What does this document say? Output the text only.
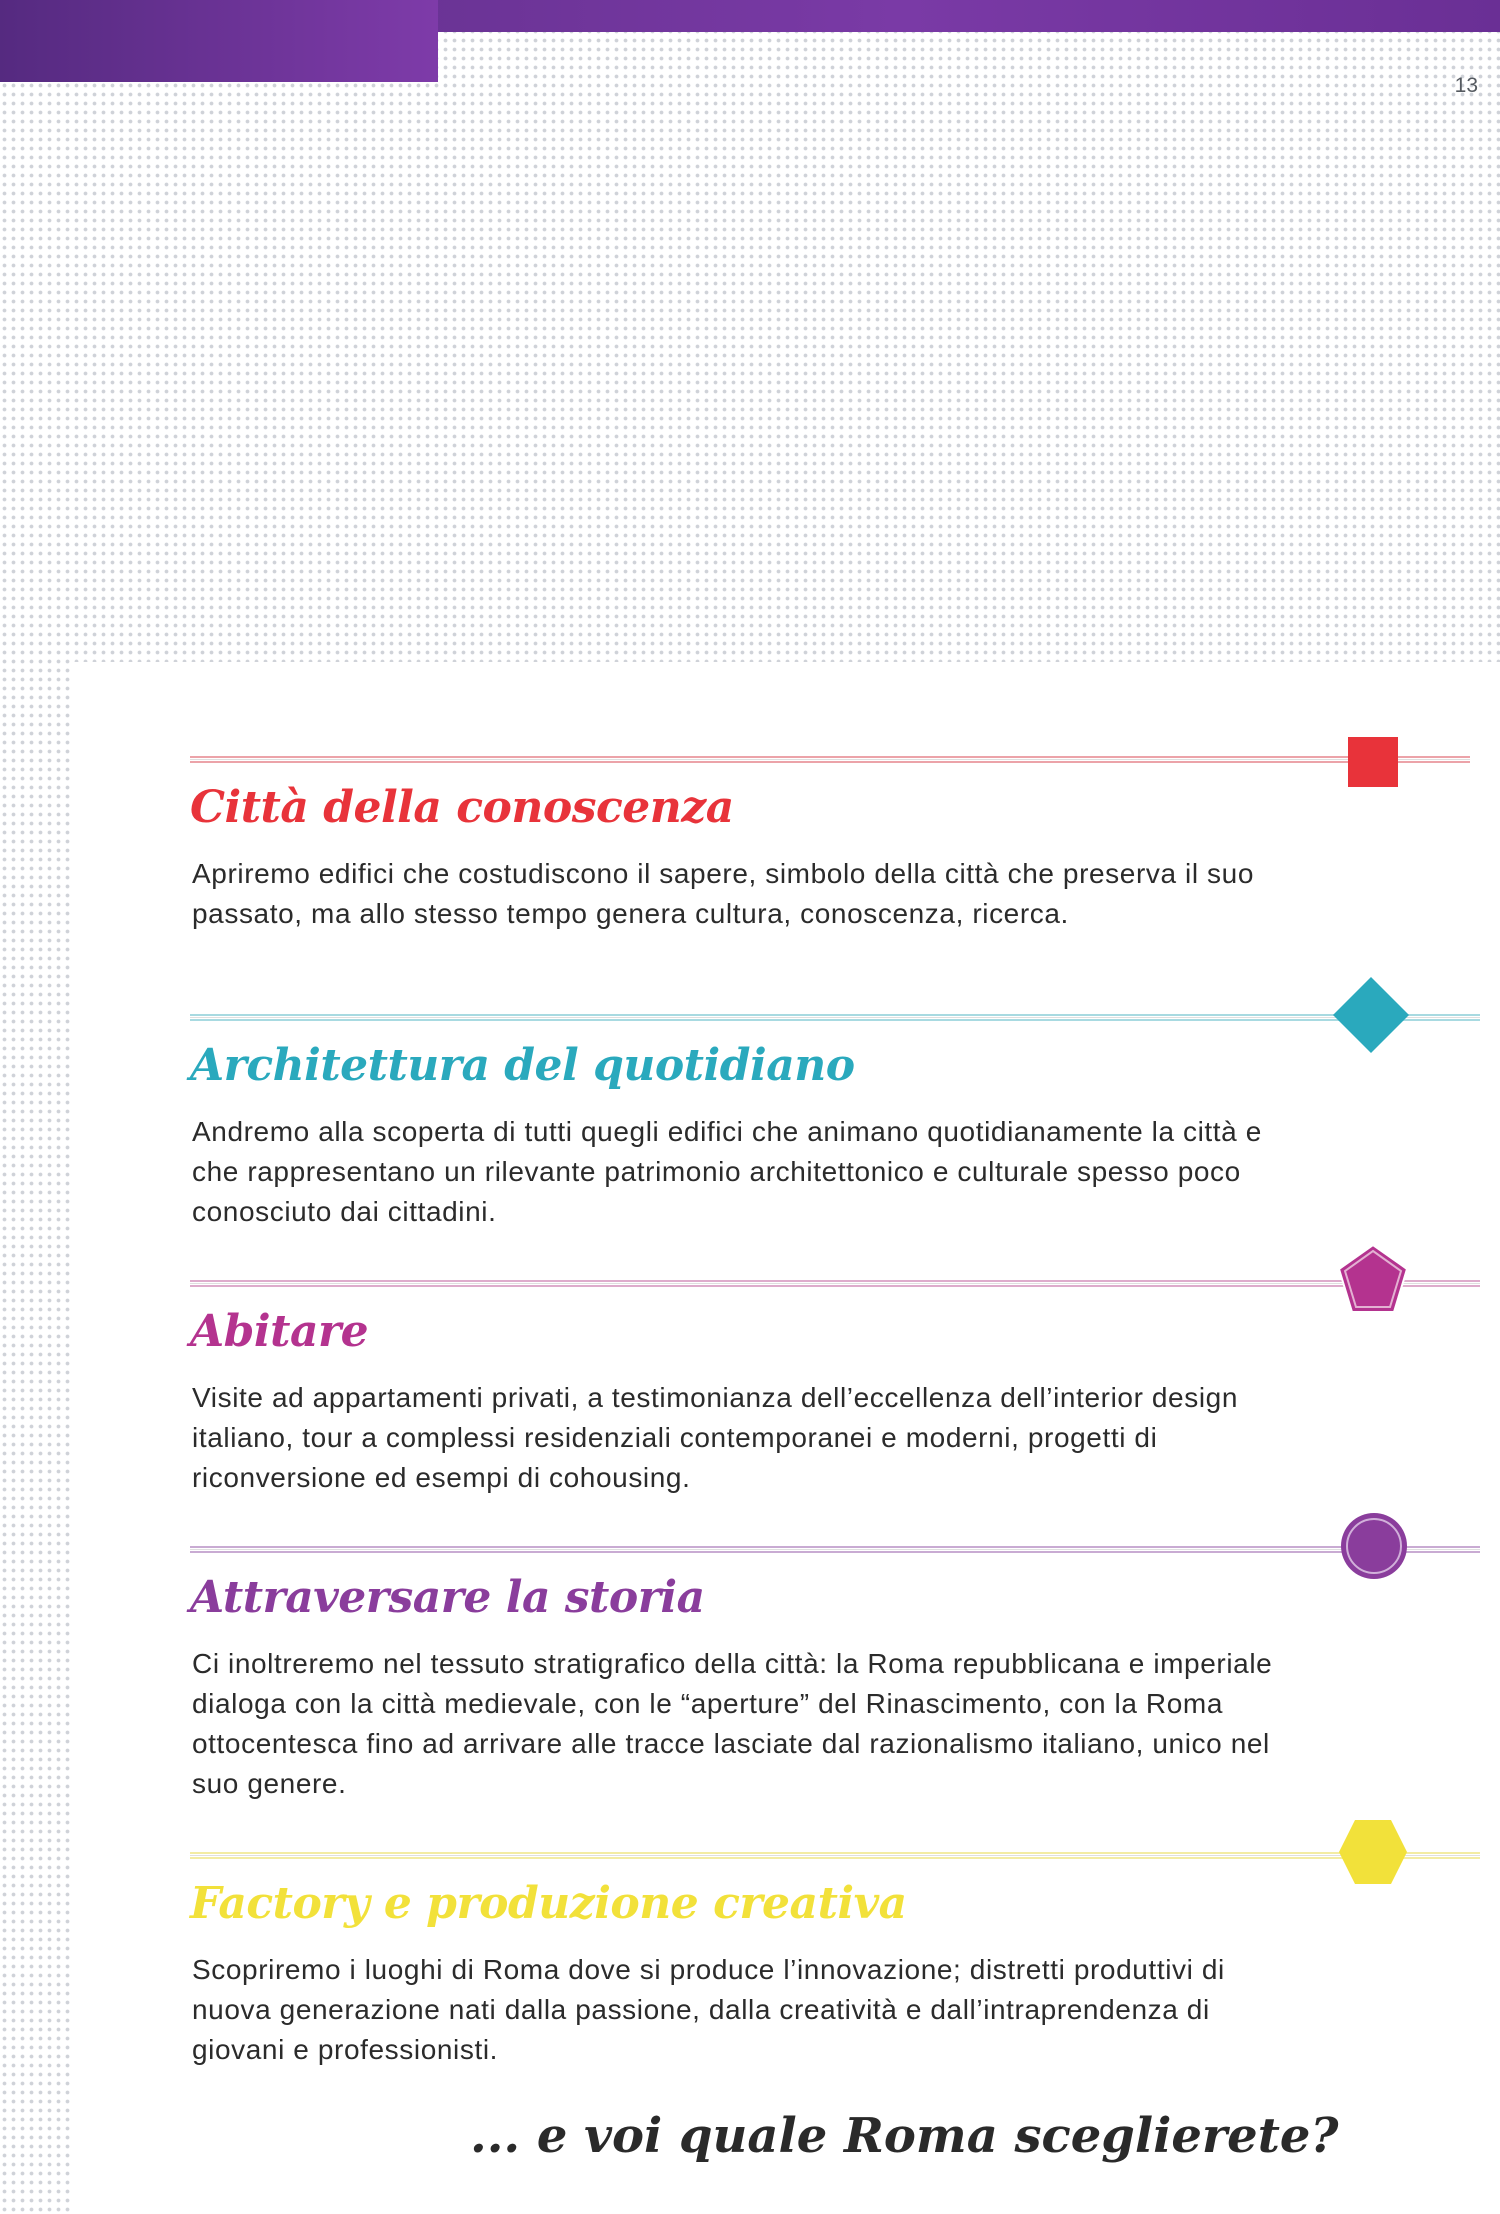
13
Città della conoscenza

Apriremo edifici che costudiscono il sapere, simbolo della città che preserva il suo passato, ma allo stesso tempo genera cultura, conoscenza, ricerca.

Architettura del quotidiano

Andremo alla scoperta di tutti quegli edifici che animano quotidianamente la città e che rappresentano un rilevante patrimonio architettonico e culturale spesso poco conosciuto dai cittadini.

Abitare

Visite ad appartamenti privati, a testimonianza dell’eccellenza dell’interior design italiano, tour a complessi residenziali contemporanei e moderni, progetti di riconversione ed esempi di cohousing.

Attraversare la storia

Ci inoltreremo nel tessuto stratigrafico della città: la Roma repubblicana e imperiale dialoga con la città medievale, con le “aperture” del Rinascimento, con la Roma ottocentesca fino ad arrivare alle tracce lasciate dal razionalismo italiano, unico nel suo genere.

Factory e produzione creativa

Scopriremo i luoghi di Roma dove si produce l’innovazione; distretti produttivi di nuova generazione nati dalla passione, dalla creatività e dall’intraprendenza di giovani e professionisti.

... e voi quale Roma sceglierete?
